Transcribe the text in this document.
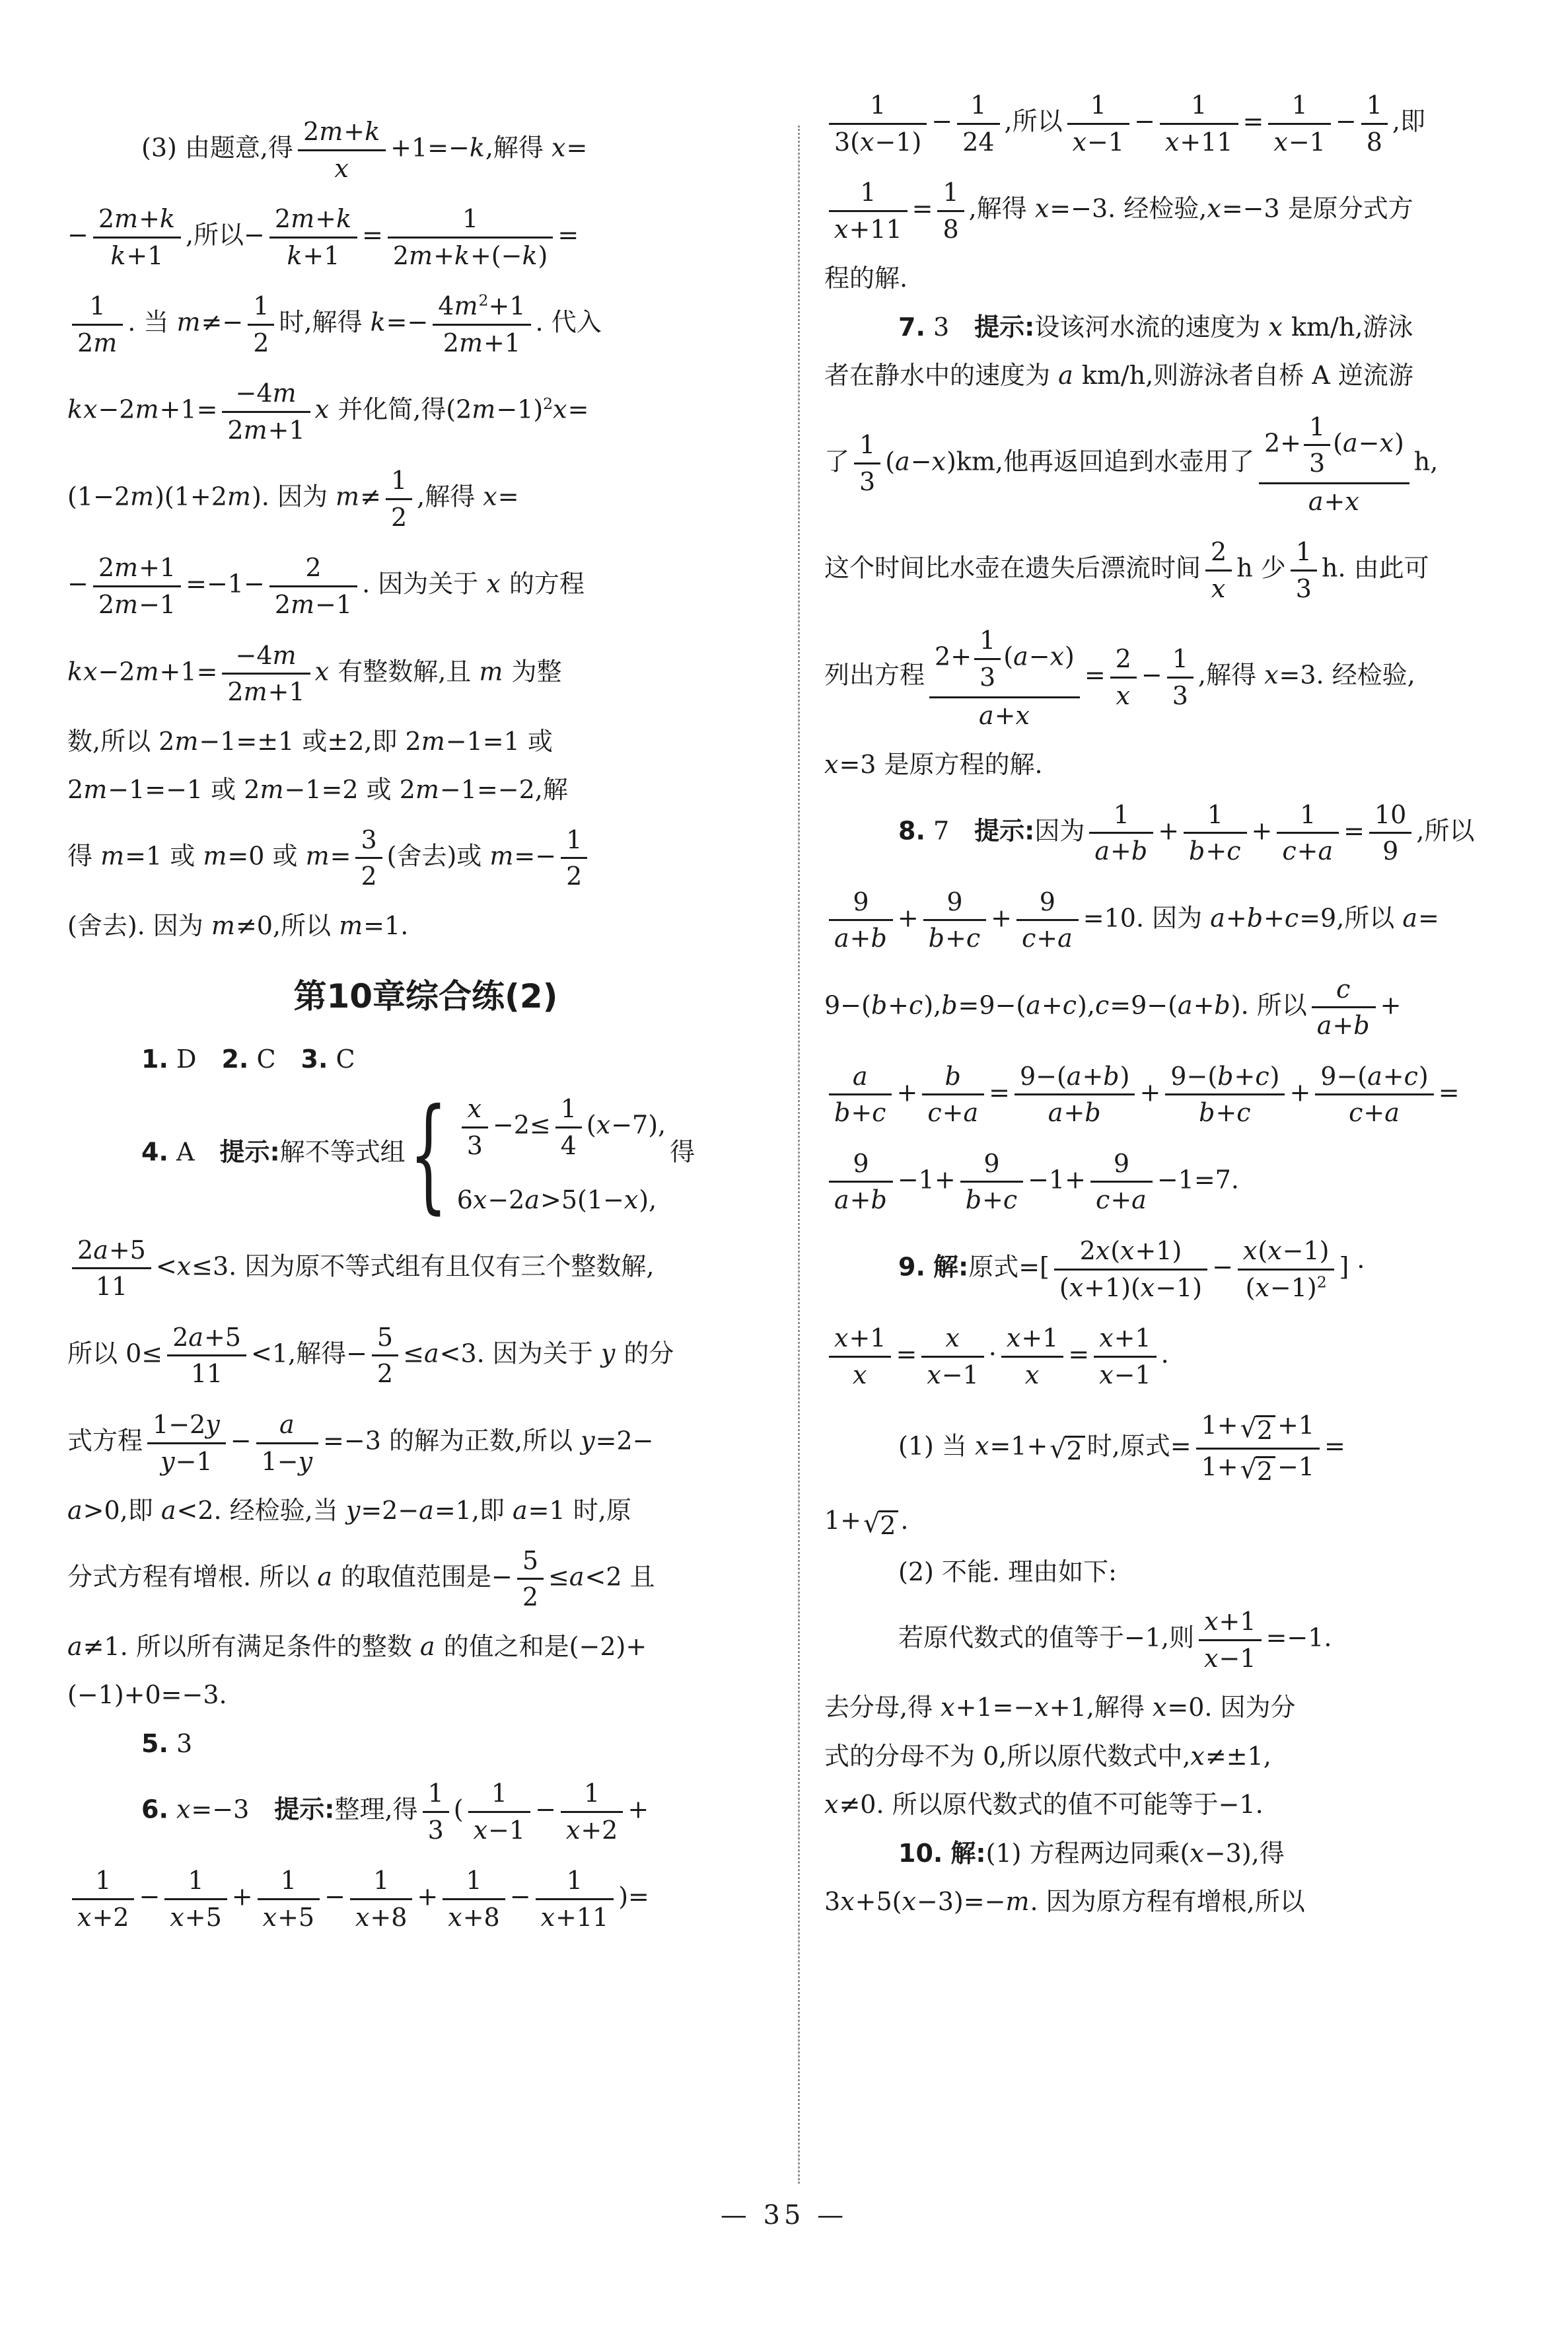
(3) 由题意,得 $\frac{2m+k}{x} +1=-k$,解得 x=
− $\frac{2m+k}{k+1}$ ,所以− $\frac{2m+k}{k+1} = \frac{1}{2m+k+(-k)}$ =
$\frac{1}{2m}$ . 当 $m\ne- \frac{1}{2}$ 时,解得 $k=- \frac{4m^2+1}{2m+1}$ . 代入
$kx-2m+1= \frac{-4m}{2m+1}$ x 并化简,得$(2m-1)^2x=$
(1−2m)(1+2m). 因为 $m\ne \frac{1}{2}$ ,解得 x=
− $\frac{2m+1}{2m-1} =-1- \frac{2}{2m-1}$ . 因为关于 x 的方程
$kx-2m+1= \frac{-4m}{2m+1}$ x 有整数解,且 m 为整
数,所以 2m−1=±1 或±2,即 2m−1=1 或
2m−1=−1 或 2m−1=2 或 2m−1=−2,解
得 m=1 或 m=0 或 $m= \frac{3}{2}$ (舍去)或 $m=- \frac{1}{2}$
(舍去). 因为 m≠0,所以 m=1.
第10章综合练(2)
1. D  2. C  3. C
4. A  提示:解不等式组 { $\frac{x}{3} -2\le \frac{1}{4} (x-7)$,
6x−2a>5(1−x),
得
$\frac{2a+5}{11} <x\le 3$. 因为原不等式组有且仅有三个整数解,
所以 $0\le \frac{2a+5}{11} <1$,解得− $\frac{5}{2} \le a<3$. 因为关于 y 的分
式方程 $\frac{1-2y}{y-1} - \frac{a}{1-y} =-3$ 的解为正数,所以 y=2−
a>0,即 a<2. 经检验,当 y=2−a=1,即 a=1 时,原
分式方程有增根. 所以 a 的取值范围是− $\frac{5}{2} \le a<2$ 且
a≠1. 所以所有满足条件的整数 a 的值之和是(−2)+
(−1)+0=−3.
5. 3
6. x=−3 提示:整理,得 $\frac{1}{3}$ ( $\frac{1}{x-1} - \frac{1}{x+2}$ +
$\frac{1}{x+2} - \frac{1}{x+5} + \frac{1}{x+5} - \frac{1}{x+8} + \frac{1}{x+8} - \frac{1}{x+11}$ )=
$\frac{1}{3(x-1)} - \frac{1}{24}$ ,所以 $\frac{1}{x-1} - \frac{1}{x+11} = \frac{1}{x-1} - \frac{1}{8}$ ,即
$\frac{1}{x+11} = \frac{1}{8}$ ,解得 x=−3. 经检验,x=−3 是原分式方
程的解.
7. 3 提示:设该河水流的速度为 x km/h,游泳
者在静水中的速度为 a km/h,则游泳者自桥 A 逆流游
了 $\frac{1}{3} (a-x)km$,他再返回追到水壶用了 $\frac{2+ \frac{1}{3} (a-x)}{a+x} h$,
这个时间比水壶在遗失后漂流时间 $\frac{2}{x}$ h 少 $\frac{1}{3} h$. 由此可
列出方程 $\frac{2+ \frac{1}{3} (a-x)}{a+x} = \frac{2}{x} - \frac{1}{3}$ ,解得 x=3. 经检验,
x=3 是原方程的解.
8. 7 提示:因为 $\frac{1}{a+b} + \frac{1}{b+c} + \frac{1}{c+a} = \frac{10}{9}$ ,所以
$\frac{9}{a+b} + \frac{9}{b+c} + \frac{9}{c+a} =10$. 因为 a+b+c=9,所以 a=
9−(b+c),b=9−(a+c),c=9−(a+b). 所以 $\frac{c}{a+b}$ +
$\frac{a}{b+c} + \frac{b}{c+a} = \frac{9-(a+b)}{a+b} + \frac{9-(b+c)}{b+c} + \frac{9-(a+c)}{c+a}$ =
$\frac{9}{a+b} -1+ \frac{9}{b+c} -1+ \frac{9}{c+a} -1=7$.
9. 解:原式=[ $\frac{2x(x+1)}{(x+1)(x-1)} - \frac{x(x-1)}{(x-1)^2}$ ] ·
$\frac{x+1}{x} = \frac{x}{x-1} \cdot \frac{x+1}{x} = \frac{x+1}{x-1}$ .
(1) 当 x=1+ √ 2 时,原式= $\frac{1+ √ 2 +1}{1+ √ 2 -1}$ =
1+ √ 2 .
(2) 不能. 理由如下:
若原代数式的值等于−1,则 $\frac{x+1}{x-1} =-1$.
去分母,得 x+1=−x+1,解得 x=0. 因为分
式的分母不为 0,所以原代数式中,x≠±1,
x≠0. 所以原代数式的值不可能等于−1.
10. 解:(1) 方程两边同乘(x−3),得
3x+5(x−3)=−m. 因为原方程有增根,所以
— 35 —
